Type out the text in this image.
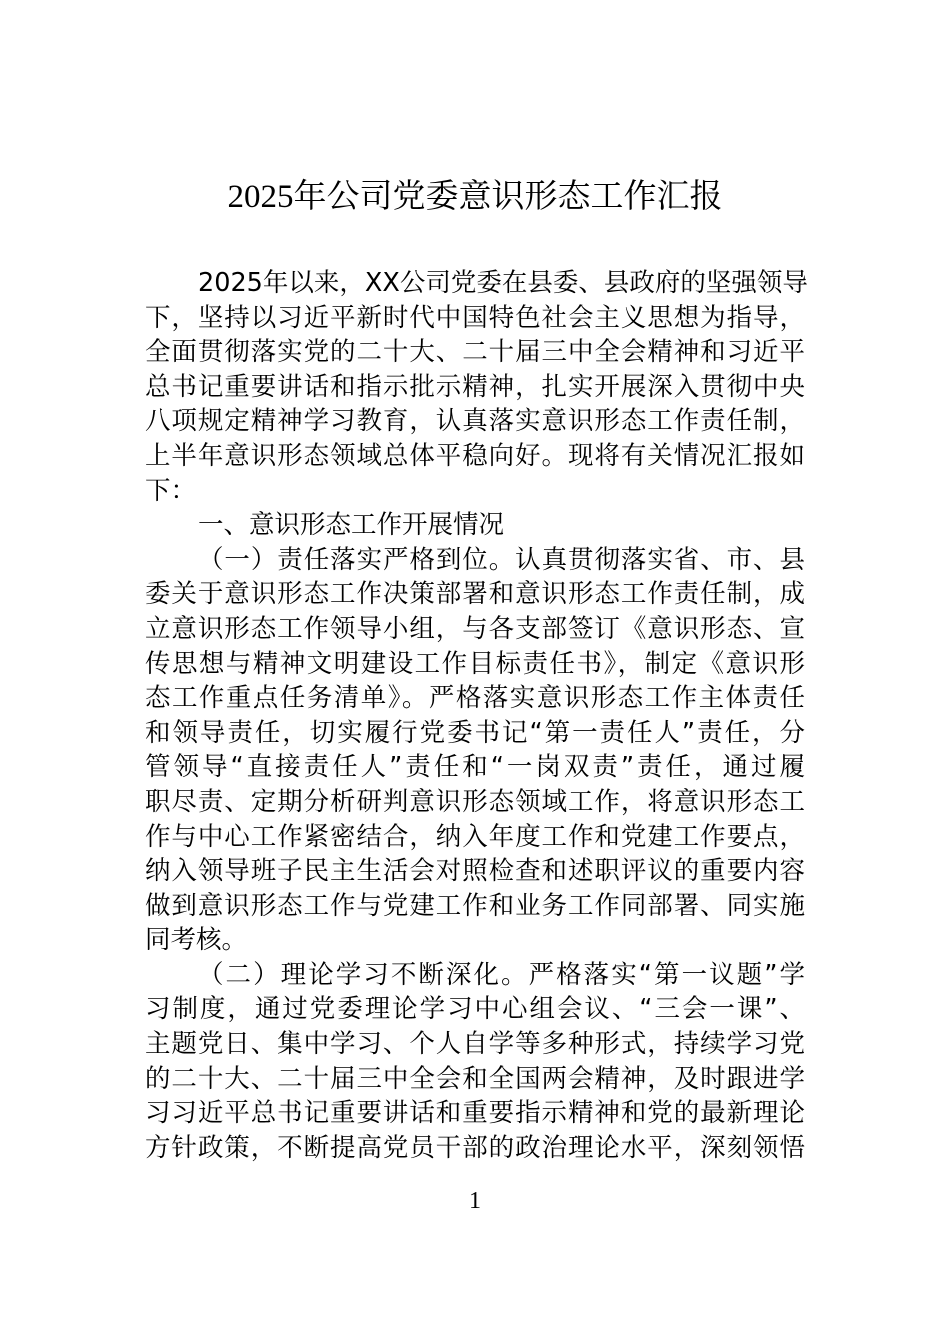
2025年公司党委意识形态工作汇报
2025年以来，XX公司党委在县委、县政府的坚强领导
下，坚持以习近平新时代中国特色社会主义思想为指导，
全面贯彻落实党的二十大、二十届三中全会精神和习近平
总书记重要讲话和指示批示精神，扎实开展深入贯彻中央
八项规定精神学习教育，认真落实意识形态工作责任制，
上半年意识形态领域总体平稳向好。现将有关情况汇报如
下：
一、意识形态工作开展情况
（一）责任落实严格到位。认真贯彻落实省、市、县
委关于意识形态工作决策部署和意识形态工作责任制，成
立意识形态工作领导小组，与各支部签订《意识形态、宣
传思想与精神文明建设工作目标责任书》，制定《意识形
态工作重点任务清单》。严格落实意识形态工作主体责任
和领导责任，切实履行党委书记“第一责任人”责任，分
管领导“直接责任人”责任和“一岗双责”责任，通过履
职尽责、定期分析研判意识形态领域工作，将意识形态工
作与中心工作紧密结合，纳入年度工作和党建工作要点，
纳入领导班子民主生活会对照检查和述职评议的重要内容
做到意识形态工作与党建工作和业务工作同部署、同实施
同考核。
（二）理论学习不断深化。严格落实“第一议题”学
习制度，通过党委理论学习中心组会议、“三会一课”、
主题党日、集中学习、个人自学等多种形式，持续学习党
的二十大、二十届三中全会和全国两会精神，及时跟进学
习习近平总书记重要讲话和重要指示精神和党的最新理论
方针政策，不断提高党员干部的政治理论水平，深刻领悟
1
